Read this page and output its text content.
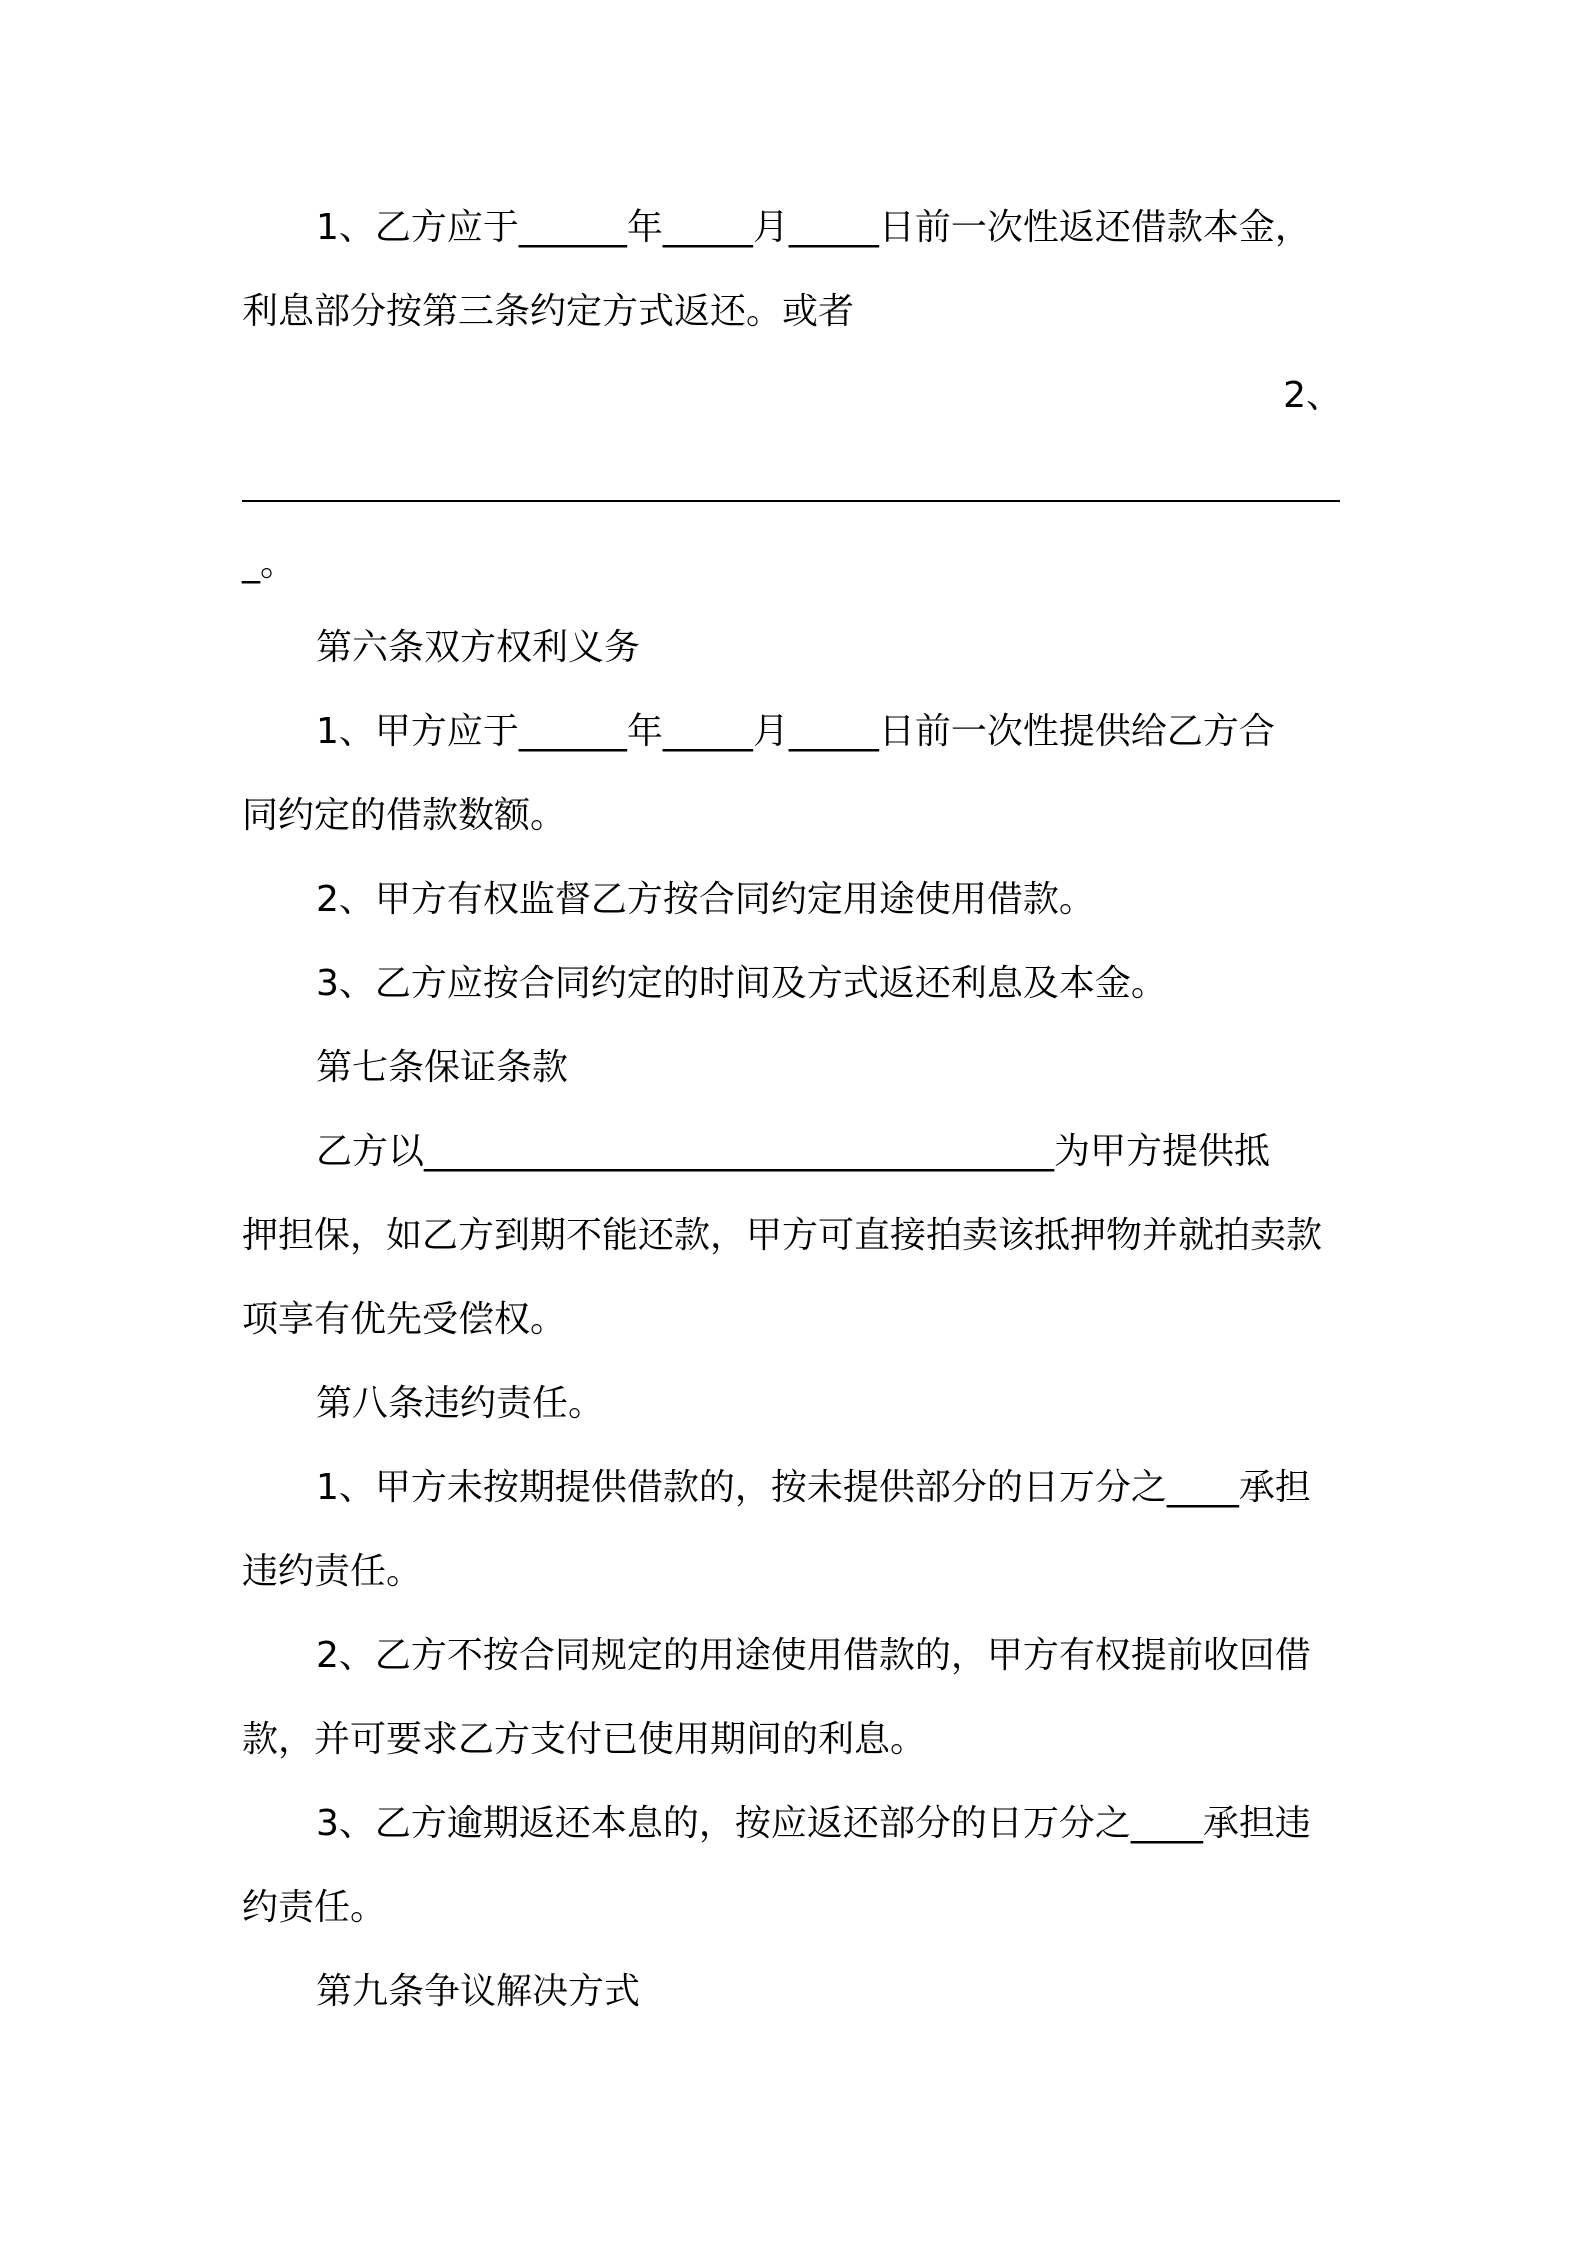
1、乙方应于______年_____月_____日前一次性返还借款本金，
利息部分按第三条约定方式返还。或者
2、
_。
第六条双方权利义务
1、甲方应于______年_____月_____日前一次性提供给乙方合
同约定的借款数额。
2、甲方有权监督乙方按合同约定用途使用借款。
3、乙方应按合同约定的时间及方式返还利息及本金。
第七条保证条款
乙方以___________________________________为甲方提供抵
押担保，如乙方到期不能还款，甲方可直接拍卖该抵押物并就拍卖款
项享有优先受偿权。
第八条违约责任。
1、甲方未按期提供借款的，按未提供部分的日万分之____承担
违约责任。
2、乙方不按合同规定的用途使用借款的，甲方有权提前收回借
款，并可要求乙方支付已使用期间的利息。
3、乙方逾期返还本息的，按应返还部分的日万分之____承担违
约责任。
第九条争议解决方式
